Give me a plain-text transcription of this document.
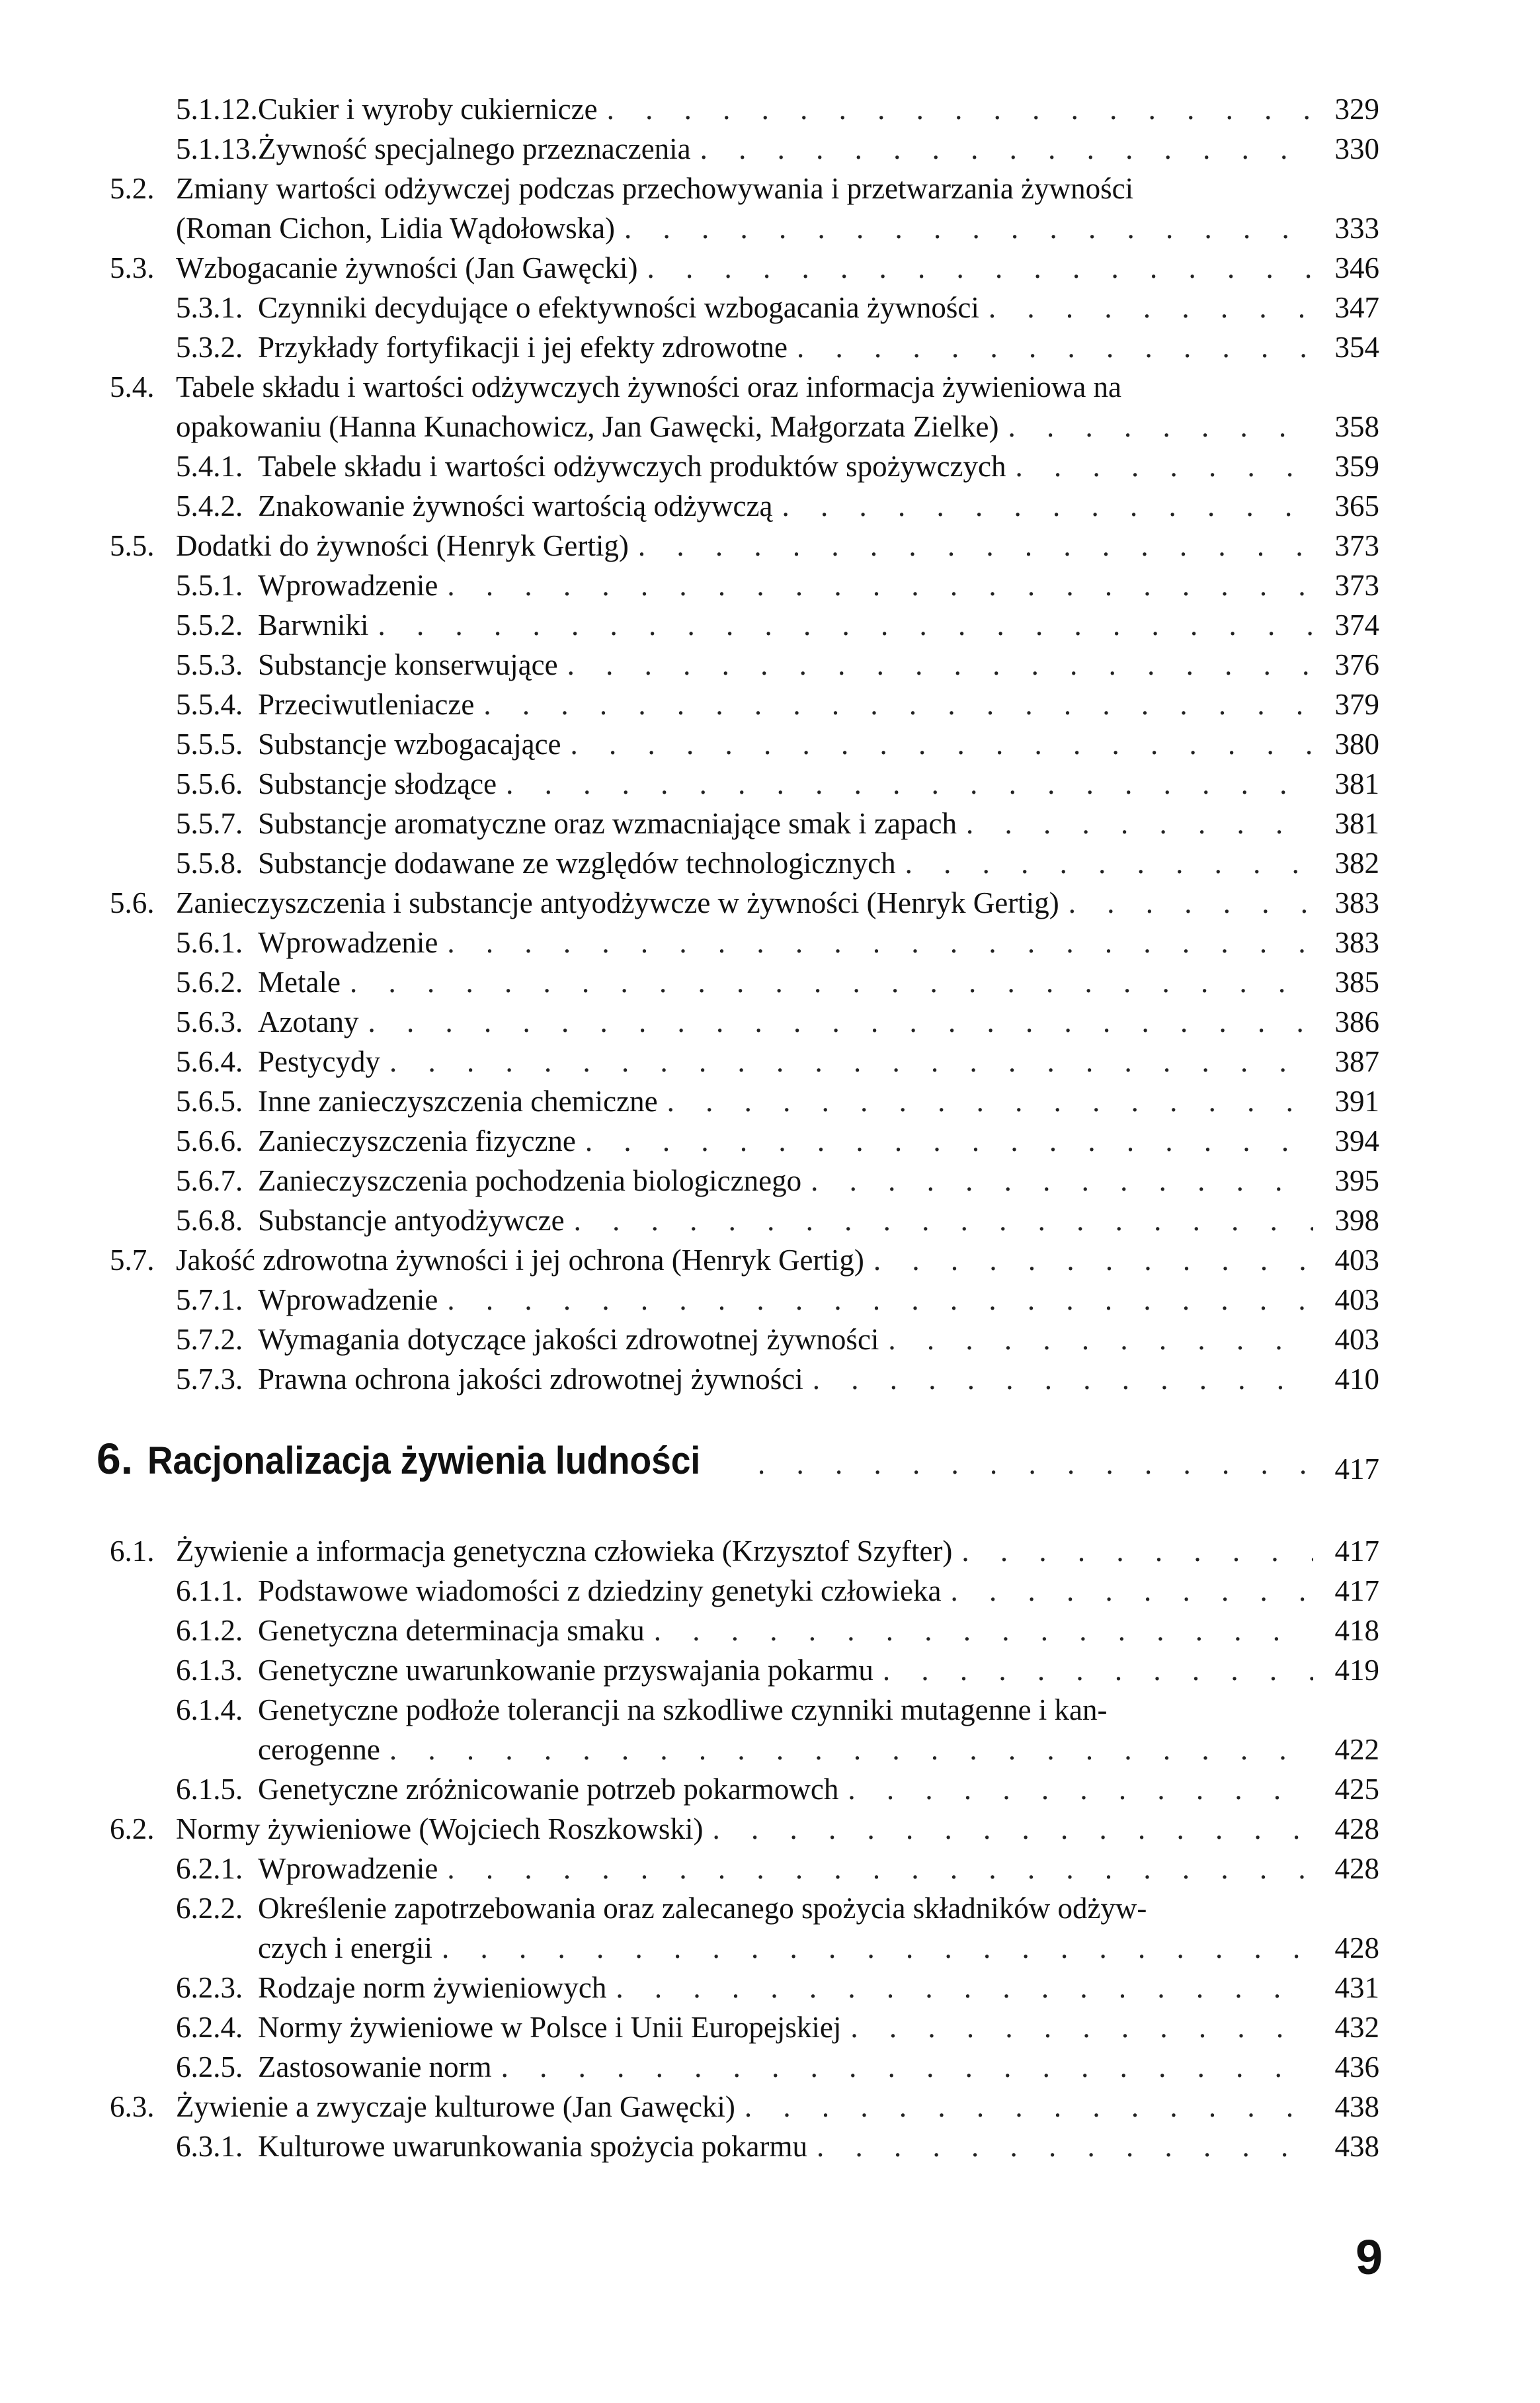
5.1.12. Cukier i wyroby cukiernicze . . .	329
5.1.13. Żywność specjalnego przeznaczenia . . .	330
5.2. Zmiany wartości odżywczej podczas przechowywania i przetwarzania żywności
(Roman Cichon, Lidia Wądołowska) . . .	333
5.3. Wzbogacanie żywności (Jan Gawęcki) . . .	346
5.3.1. Czynniki decydujące o efektywności wzbogacania żywności . . .	347
5.3.2. Przykłady fortyfikacji i jej efekty zdrowotne . . .	354
5.4. Tabele składu i wartości odżywczych żywności oraz informacja żywieniowa na
opakowaniu (Hanna Kunachowicz, Jan Gawęcki, Małgorzata Zielke) . . .	358
5.4.1. Tabele składu i wartości odżywczych produktów spożywczych . . .	359
5.4.2. Znakowanie żywności wartością odżywczą . . .	365
5.5. Dodatki do żywności (Henryk Gertig) . . .	373
5.5.1. Wprowadzenie . . .	373
5.5.2. Barwniki . . .	374
5.5.3. Substancje konserwujące . . .	376
5.5.4. Przeciwutleniacze . . .	379
5.5.5. Substancje wzbogacające . . .	380
5.5.6. Substancje słodzące . . .	381
5.5.7. Substancje aromatyczne oraz wzmacniające smak i zapach . . .	381
5.5.8. Substancje dodawane ze względów technologicznych . . .	382
5.6. Zanieczyszczenia i substancje antyodżywcze w żywności (Henryk Gertig) . . .	383
5.6.1. Wprowadzenie . . .	383
5.6.2. Metale . . .	385
5.6.3. Azotany . . .	386
5.6.4. Pestycydy . . .	387
5.6.5. Inne zanieczyszczenia chemiczne . . .	391
5.6.6. Zanieczyszczenia fizyczne . . .	394
5.6.7. Zanieczyszczenia pochodzenia biologicznego . . .	395
5.6.8. Substancje antyodżywcze . . .	398
5.7. Jakość zdrowotna żywności i jej ochrona (Henryk Gertig) . . .	403
5.7.1. Wprowadzenie . . .	403
5.7.2. Wymagania dotyczące jakości zdrowotnej żywności . . .	403
5.7.3. Prawna ochrona jakości zdrowotnej żywności . . .	410
6. Racjonalizacja żywienia ludności . . .	417
6.1. Żywienie a informacja genetyczna człowieka (Krzysztof Szyfter) . . .	417
6.1.1. Podstawowe wiadomości z dziedziny genetyki człowieka . . .	417
6.1.2. Genetyczna determinacja smaku . . .	418
6.1.3. Genetyczne uwarunkowanie przyswajania pokarmu . . .	419
6.1.4. Genetyczne podłoże tolerancji na szkodliwe czynniki mutagenne i kan-
cerogenne . . .	422
6.1.5. Genetyczne zróżnicowanie potrzeb pokarmowch . . .	425
6.2. Normy żywieniowe (Wojciech Roszkowski) . . .	428
6.2.1. Wprowadzenie . . .	428
6.2.2. Określenie zapotrzebowania oraz zalecanego spożycia składników odżyw-
czych i energii . . .	428
6.2.3. Rodzaje norm żywieniowych . . .	431
6.2.4. Normy żywieniowe w Polsce i Unii Europejskiej . . .	432
6.2.5. Zastosowanie norm . . .	436
6.3. Żywienie a zwyczaje kulturowe (Jan Gawęcki) . . .	438
6.3.1. Kulturowe uwarunkowania spożycia pokarmu . . .	438
9
